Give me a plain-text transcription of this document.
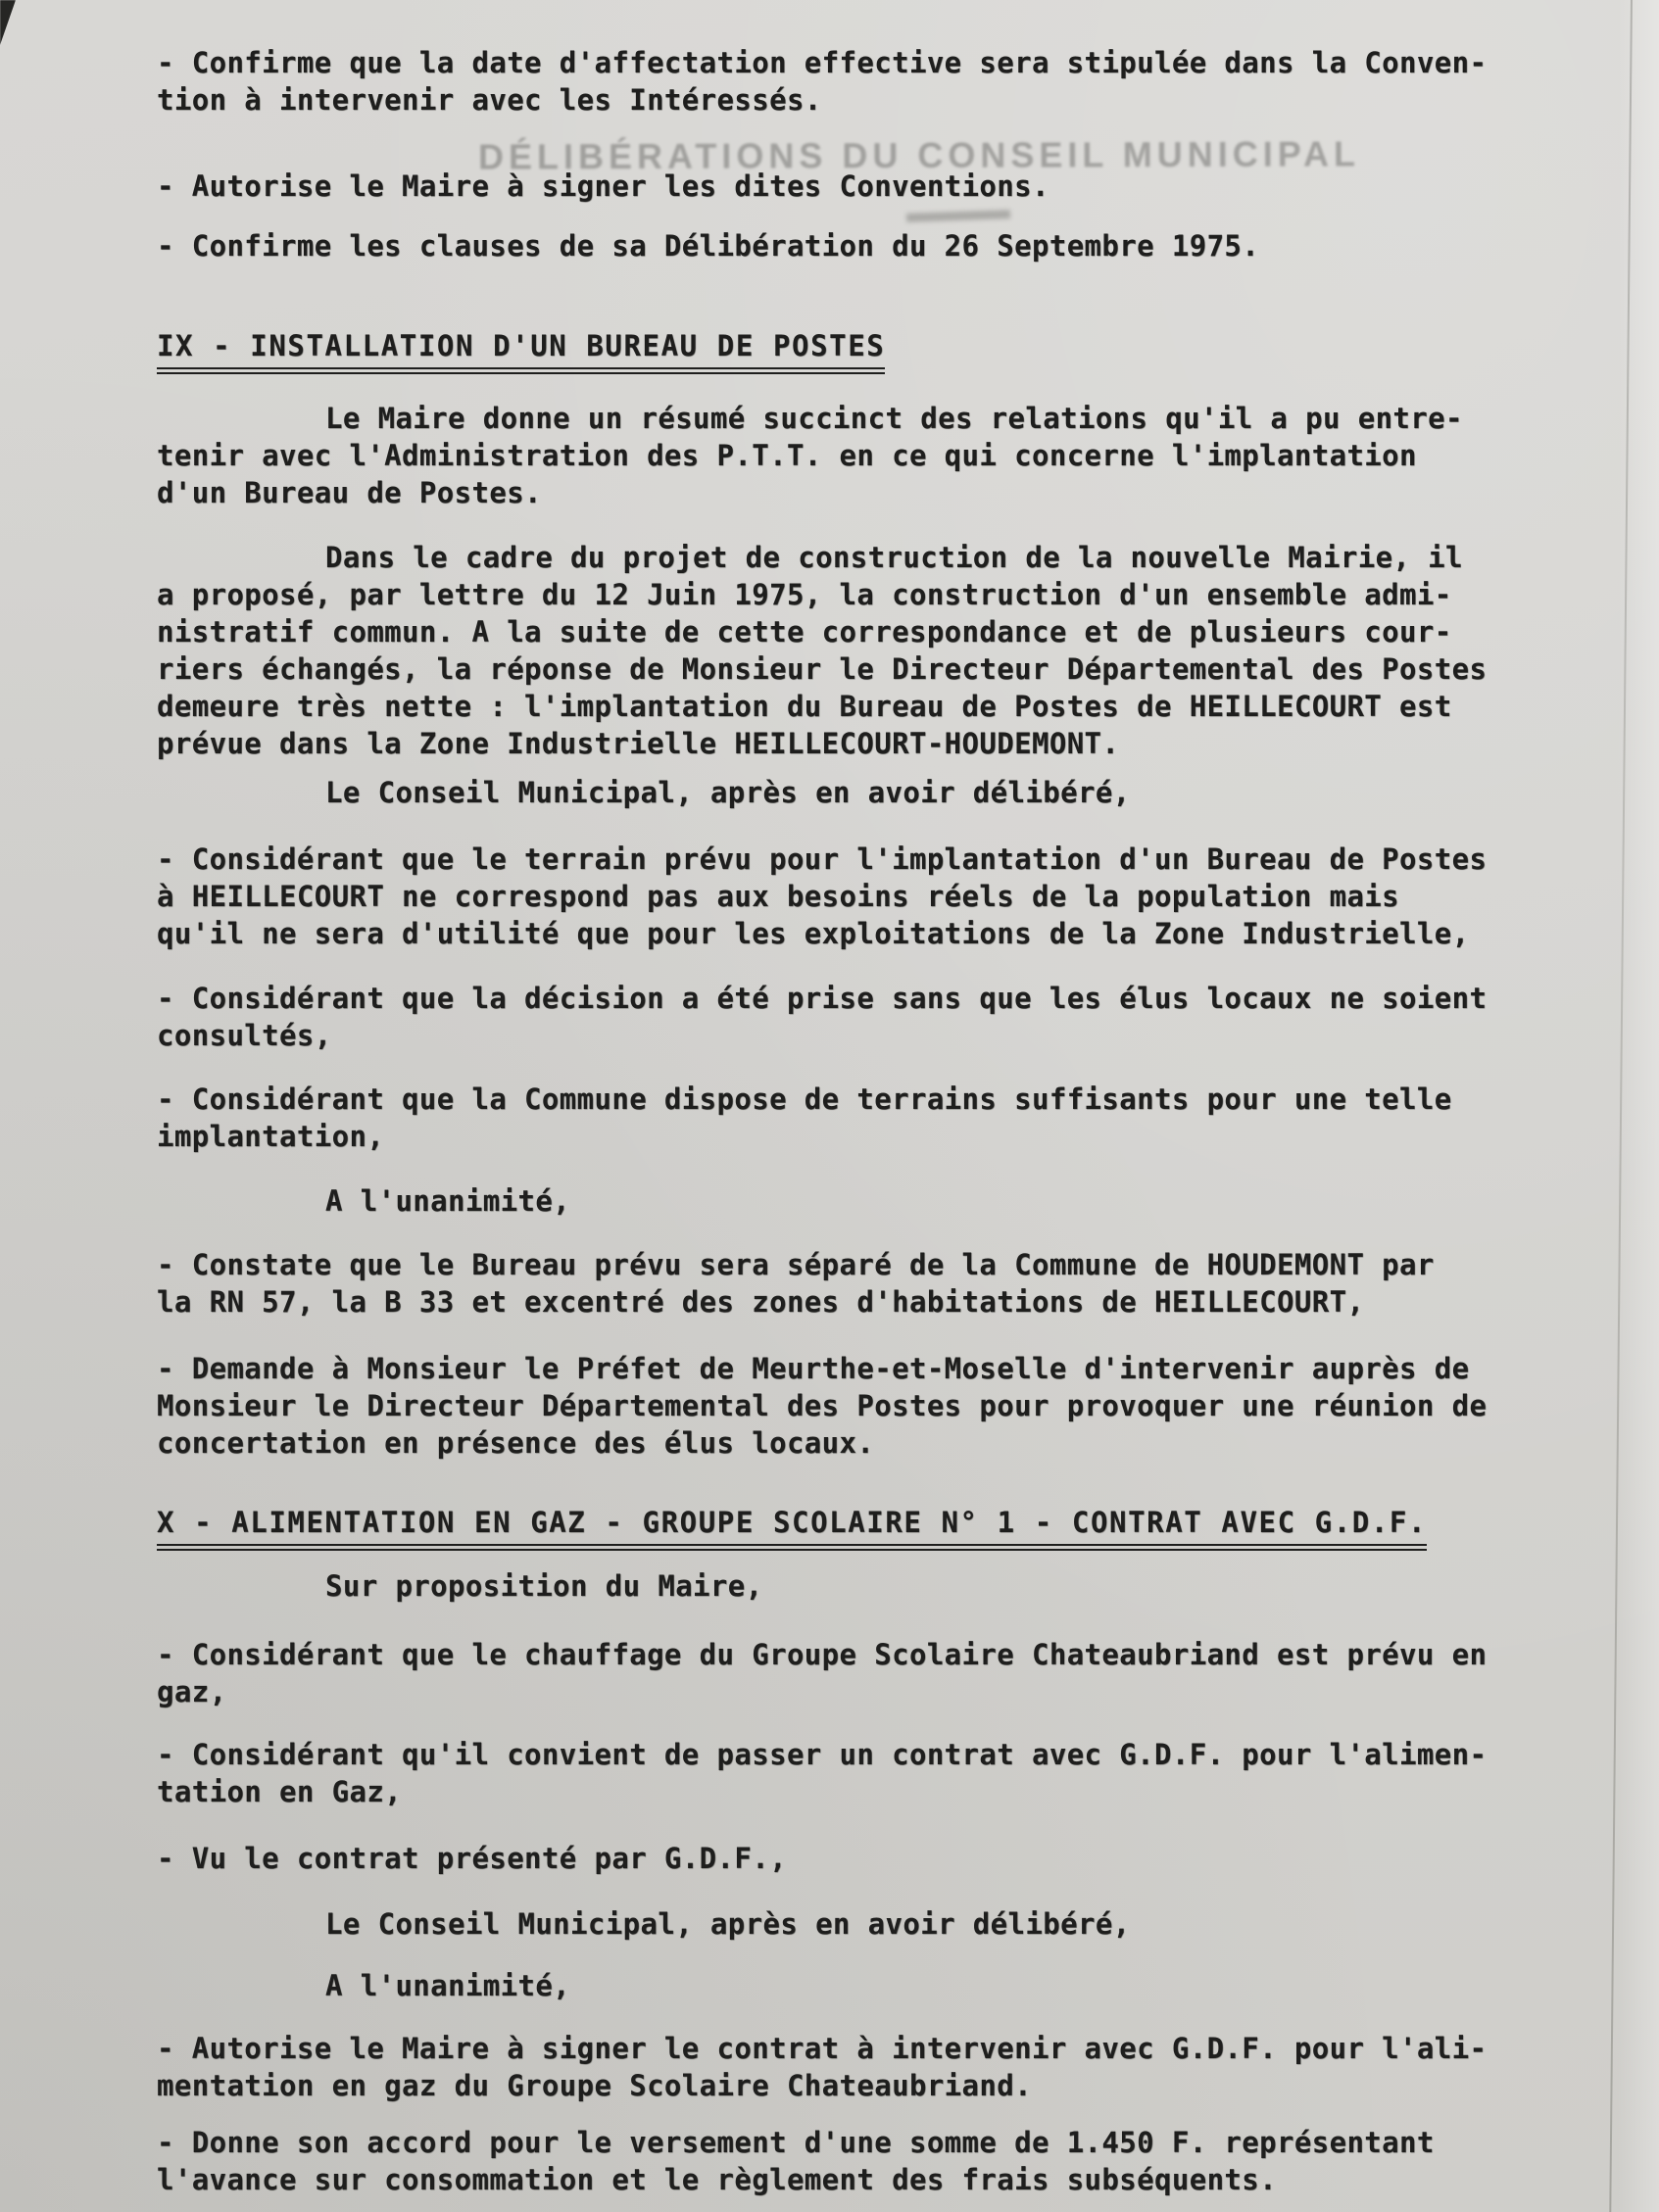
DÉLIBÉRATIONS DU CONSEIL MUNICIPAL
- Confirme que la date d'affectation effective sera stipulée dans la Conven-
tion à intervenir avec les Intéressés.
- Autorise le Maire à signer les dites Conventions.
- Confirme les clauses de sa Délibération du 26 Septembre 1975.
IX - INSTALLATION D'UN BUREAU DE POSTES
Le Maire donne un résumé succinct des relations qu'il a pu entre-
tenir avec l'Administration des P.T.T. en ce qui concerne l'implantation
d'un Bureau de Postes.
Dans le cadre du projet de construction de la nouvelle Mairie, il
a proposé, par lettre du 12 Juin 1975, la construction d'un ensemble admi-
nistratif commun. A la suite de cette correspondance et de plusieurs cour-
riers échangés, la réponse de Monsieur le Directeur Départemental des Postes
demeure très nette : l'implantation du Bureau de Postes de HEILLECOURT est
prévue dans la Zone Industrielle HEILLECOURT-HOUDEMONT.
Le Conseil Municipal, après en avoir délibéré,
- Considérant que le terrain prévu pour l'implantation d'un Bureau de Postes
à HEILLECOURT ne correspond pas aux besoins réels de la population mais
qu'il ne sera d'utilité que pour les exploitations de la Zone Industrielle,
- Considérant que la décision a été prise sans que les élus locaux ne soient
consultés,
- Considérant que la Commune dispose de terrains suffisants pour une telle
implantation,
A l'unanimité,
- Constate que le Bureau prévu sera séparé de la Commune de HOUDEMONT par
la RN 57, la B 33 et excentré des zones d'habitations de HEILLECOURT,
- Demande à Monsieur le Préfet de Meurthe-et-Moselle d'intervenir auprès de
Monsieur le Directeur Départemental des Postes pour provoquer une réunion de
concertation en présence des élus locaux.
X - ALIMENTATION EN GAZ - GROUPE SCOLAIRE N° 1 - CONTRAT AVEC G.D.F.
Sur proposition du Maire,
- Considérant que le chauffage du Groupe Scolaire Chateaubriand est prévu en
gaz,
- Considérant qu'il convient de passer un contrat avec G.D.F. pour l'alimen-
tation en Gaz,
- Vu le contrat présenté par G.D.F.,
Le Conseil Municipal, après en avoir délibéré,
A l'unanimité,
- Autorise le Maire à signer le contrat à intervenir avec G.D.F. pour l'ali-
mentation en gaz du Groupe Scolaire Chateaubriand.
- Donne son accord pour le versement d'une somme de 1.450 F. représentant
l'avance sur consommation et le règlement des frais subséquents.
